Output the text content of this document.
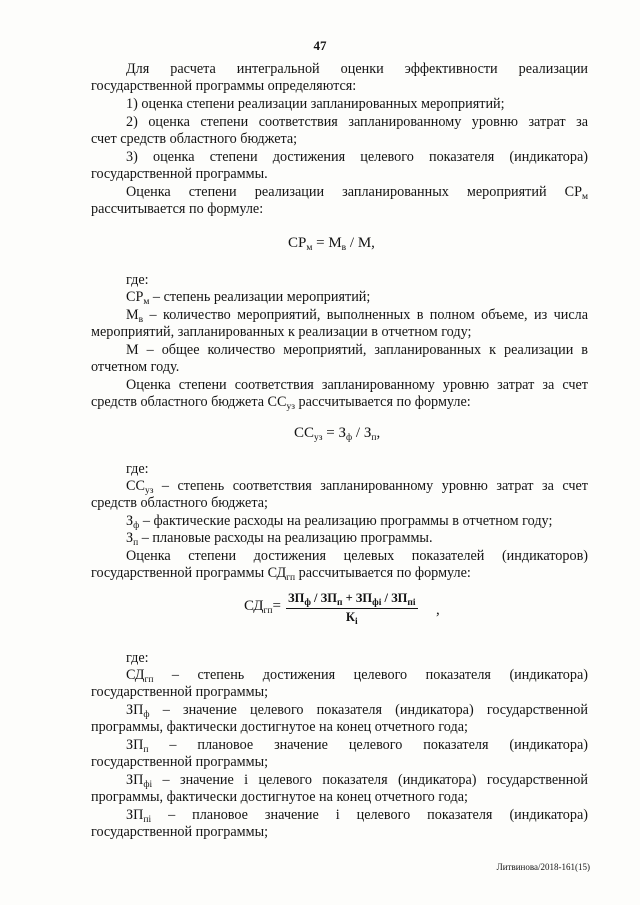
47
Для расчета интегральной оценки эффективности реализации
государственной программы определяются:
1) оценка степени реализации запланированных мероприятий;
2) оценка степени соответствия запланированному уровню затрат за
счет средств областного бюджета;
3) оценка степени достижения целевого показателя (индикатора)
государственной программы.
Оценка степени реализации запланированных мероприятий $СР_м$
рассчитывается по формуле:
$СР_м = М_в / М$,
где:
$СР_м$ – степень реализации мероприятий;
$М_в$ – количество мероприятий, выполненных в полном объеме, из числа
мероприятий, запланированных к реализации в отчетном году;
М – общее количество мероприятий, запланированных к реализации в
отчетном году.
Оценка степени соответствия запланированному уровню затрат за счет
средств областного бюджета $СС_{уз}$ рассчитывается по формуле:
$СС_{уз} = З_ф / З_п$,
где:
$СС_{уз}$ – степень соответствия запланированному уровню затрат за счет
средств областного бюджета;
$З_ф$ – фактические расходы на реализацию программы в отчетном году;
$З_п$ – плановые расходы на реализацию программы.
Оценка степени достижения целевых показателей (индикаторов)
государственной программы $СД_{гп}$ рассчитывается по формуле:
$СД_{гп}= ЗП_ф / ЗП_п + ЗП_{фi} / ЗП_{пi}$
$К_i$
,
где:
$СД_{гп}$ – степень достижения целевого показателя (индикатора)
государственной программы;
$ЗП_ф$ – значение целевого показателя (индикатора) государственной
программы, фактически достигнутое на конец отчетного года;
$ЗП_п$ – плановое значение целевого показателя (индикатора)
государственной программы;
$ЗП_{фi}$ – значение i целевого показателя (индикатора) государственной
программы, фактически достигнутое на конец отчетного года;
$ЗП_{пi}$ – плановое значение i целевого показателя (индикатора)
государственной программы;
Литвинова/2018-161(15)
